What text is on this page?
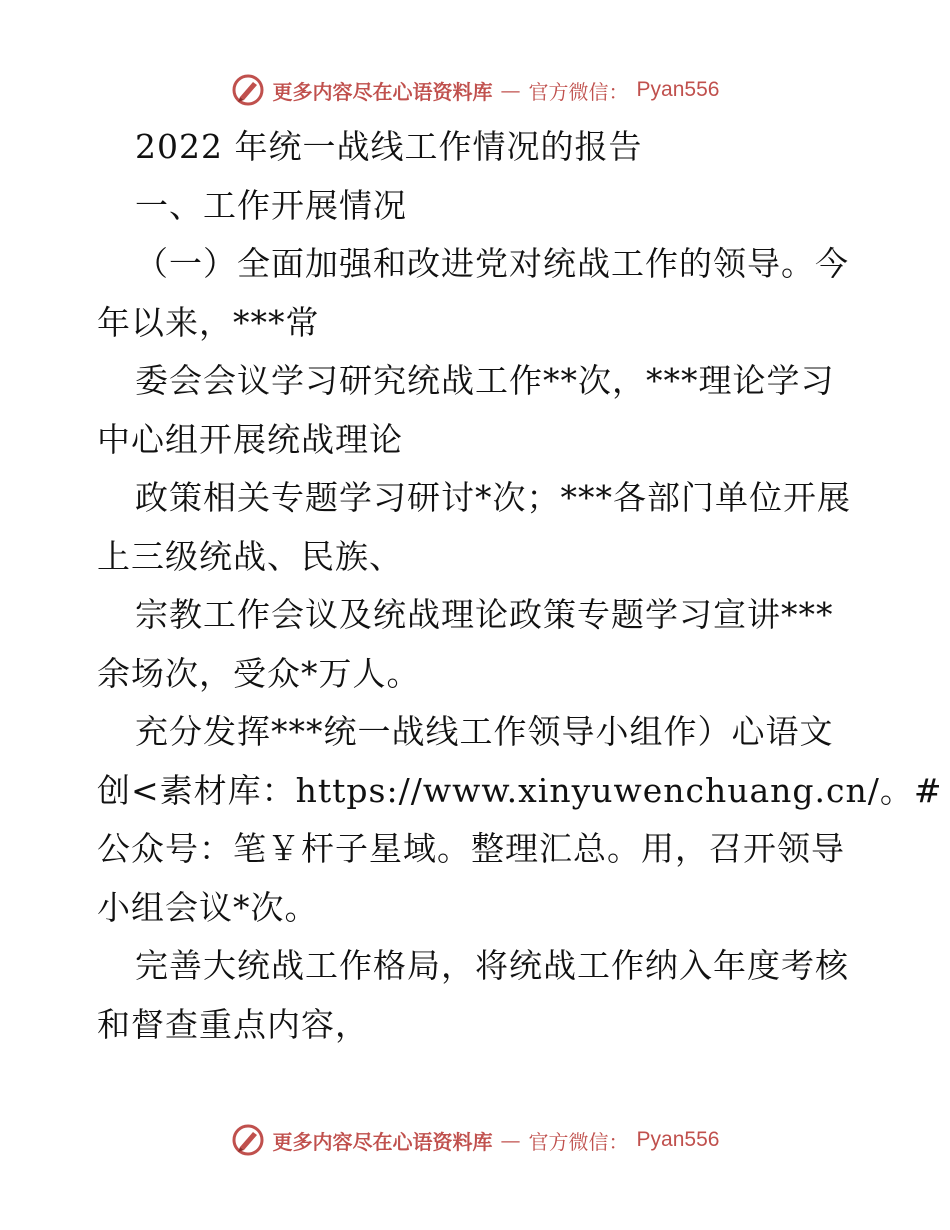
更多内容尽在心语资料库 — 官方微信： Pyan556
2022 年统一战线工作情况的报告
一、工作开展情况
（一）全面加强和改进党对统战工作的领导。今
年以来，***常
委会会议学习研究统战工作**次，***理论学习
中心组开展统战理论
政策相关专题学习研讨*次；***各部门单位开展
上三级统战、民族、
宗教工作会议及统战理论政策专题学习宣讲***
余场次，受众*万人。
充分发挥***统一战线工作领导小组作）心语文
创<素材库：https://www.xinyuwenchuang.cn/。#
公众号：笔￥杆子星域。整理汇总。用，召开领导
小组会议*次。
完善大统战工作格局，将统战工作纳入年度考核
和督查重点内容，
更多内容尽在心语资料库 — 官方微信： Pyan556
